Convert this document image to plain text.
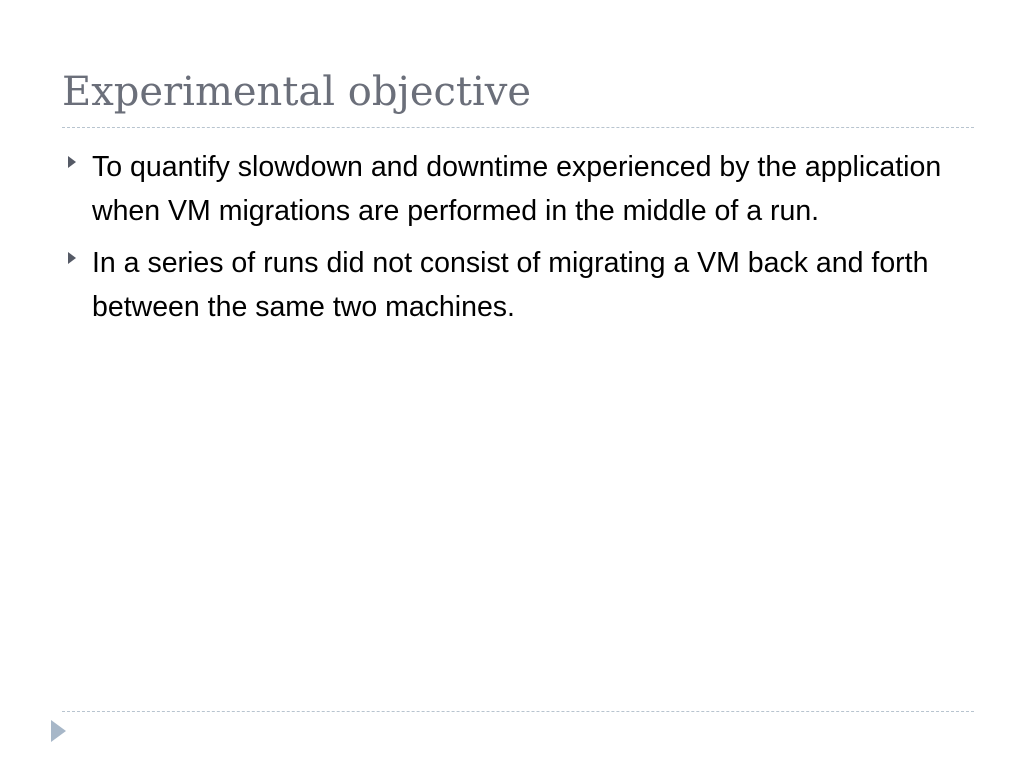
Experimental objective
To quantify slowdown and downtime experienced by the application when VM migrations are performed in the middle of a run.
In a series of runs did not consist of migrating a VM back and forth between the same two machines.
